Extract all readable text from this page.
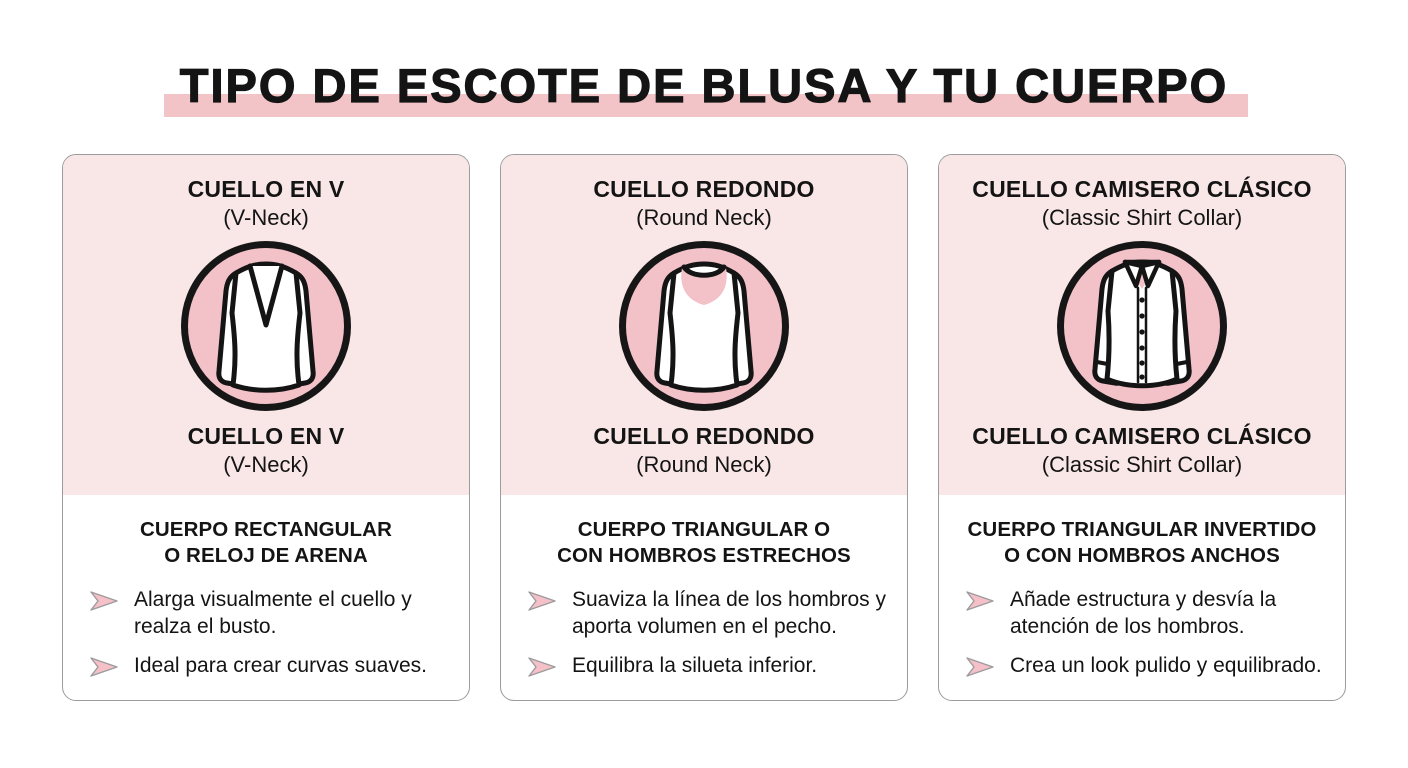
TIPO DE ESCOTE DE BLUSA Y TU CUERPO
CUELLO EN V
(V-Neck)
CUELLO EN V
(V-Neck)
CUERPO RECTANGULAR
O RELOJ DE ARENA
Alarga visualmente el cuello y realza el busto.
Ideal para crear curvas suaves.
CUELLO REDONDO
(Round Neck)
CUELLO REDONDO
(Round Neck)
CUERPO TRIANGULAR O
CON HOMBROS ESTRECHOS
Suaviza la línea de los hombros y aporta volumen en el pecho.
Equilibra la silueta inferior.
CUELLO CAMISERO CLÁSICO
(Classic Shirt Collar)
CUELLO CAMISERO CLÁSICO
(Classic Shirt Collar)
CUERPO TRIANGULAR INVERTIDO
O CON HOMBROS ANCHOS
Añade estructura y desvía la atención de los hombros.
Crea un look pulido y equilibrado.
